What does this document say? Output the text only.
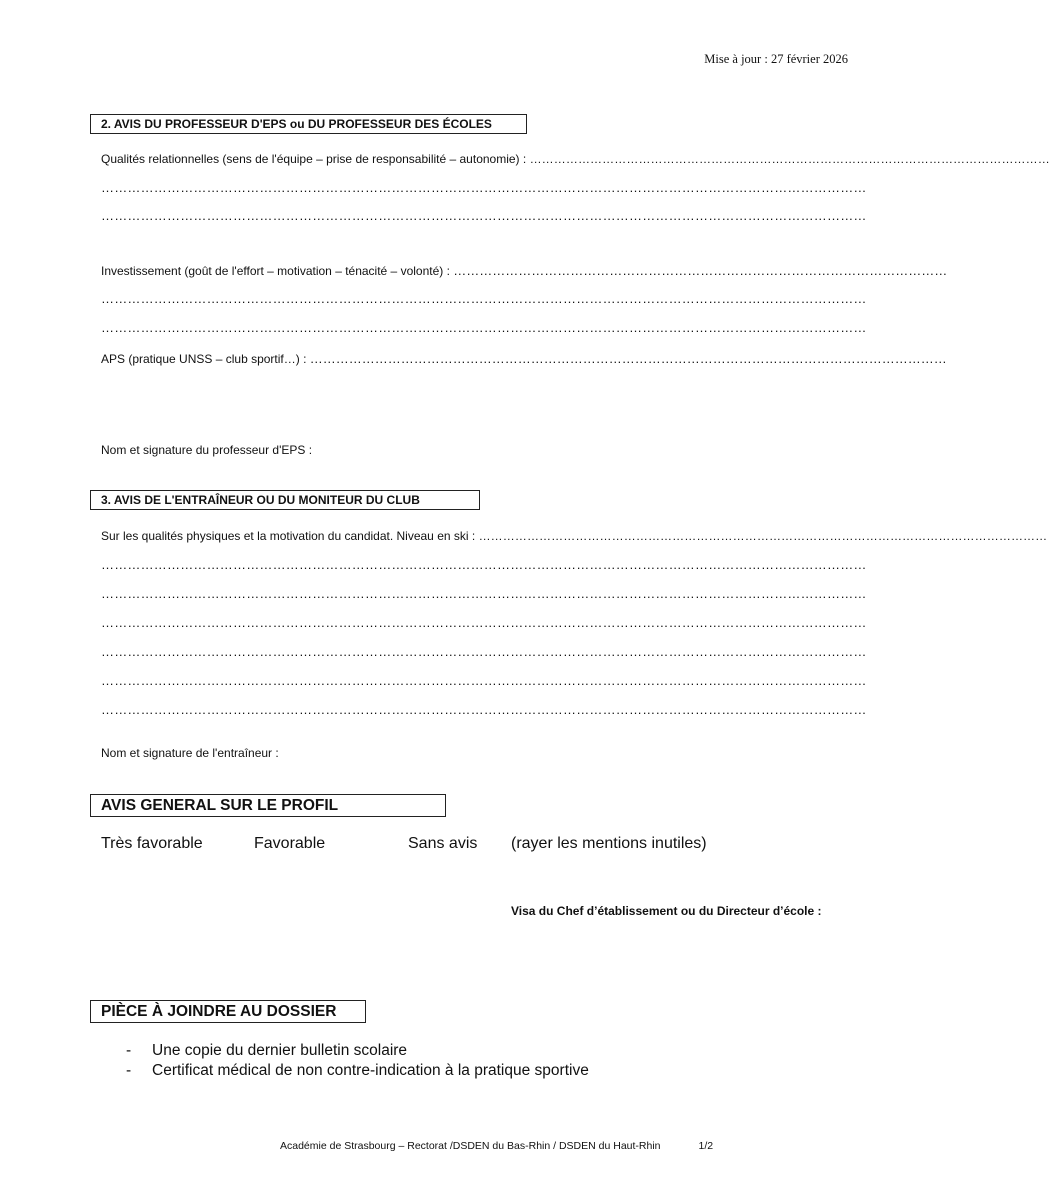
Mise à jour : 27 février 2026
2. AVIS DU PROFESSEUR D'EPS ou DU PROFESSEUR DES ÉCOLES
Qualités relationnelles (sens de l'équipe – prise de responsabilité – autonomie) : …………………………………………………………………………………………………………………
…………………………………………………………………………………………………………………………………………………………
…………………………………………………………………………………………………………………………………………………………
Investissement (goût de l'effort – motivation – ténacité – volonté) : ……………………………………………………………………………………………………
…………………………………………………………………………………………………………………………………………………………
…………………………………………………………………………………………………………………………………………………………
APS (pratique UNSS – club sportif…) : …………………………………………………………………………………………………………………………………
Nom et signature du professeur d'EPS :
3. AVIS DE L'ENTRAÎNEUR OU DU MONITEUR DU CLUB
Sur les qualités physiques et la motivation du candidat. Niveau en ski : ……………………………………………………………………………………………………………………………
…………………………………………………………………………………………………………………………………………………………
…………………………………………………………………………………………………………………………………………………………
…………………………………………………………………………………………………………………………………………………………
…………………………………………………………………………………………………………………………………………………………
…………………………………………………………………………………………………………………………………………………………
…………………………………………………………………………………………………………………………………………………………
Nom et signature de l'entraîneur :
AVIS GENERAL SUR LE PROFIL
Très favorable	Favorable	Sans avis (rayer les mentions inutiles)
Visa du Chef d’établissement ou du Directeur d’école :
PIÈCE À JOINDRE AU DOSSIER
- Une copie du dernier bulletin scolaire
- Certificat médical de non contre-indication à la pratique sportive
Académie de Strasbourg – Rectorat /DSDEN du Bas-Rhin / DSDEN du Haut-Rhin	1/2
